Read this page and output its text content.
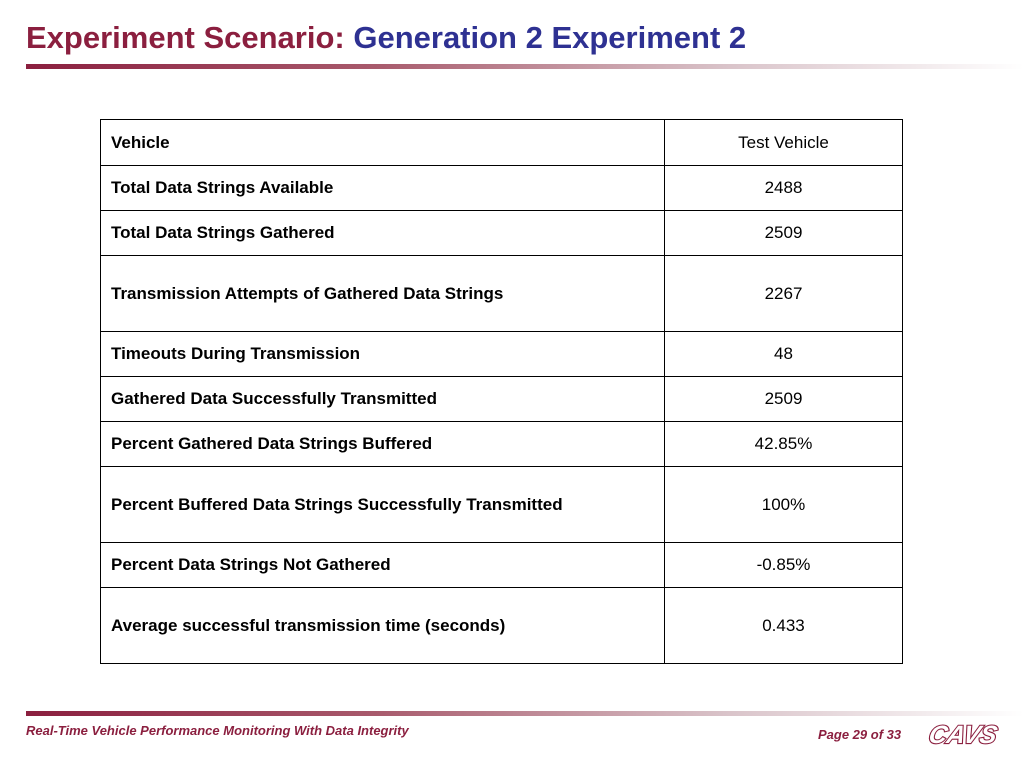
Experiment Scenario: Generation 2 Experiment 2
Vehicle	Test Vehicle
Total Data Strings Available	2488
Total Data Strings Gathered	2509
Transmission Attempts of Gathered Data Strings	2267
Timeouts During Transmission	48
Gathered Data Successfully Transmitted	2509
Percent Gathered Data Strings Buffered	42.85%
Percent Buffered Data Strings Successfully Transmitted	100%
Percent Data Strings Not Gathered	-0.85%
Average successful transmission time (seconds)	0.433
Real-Time Vehicle Performance Monitoring With Data Integrity	Page 29 of 33 CAVS
